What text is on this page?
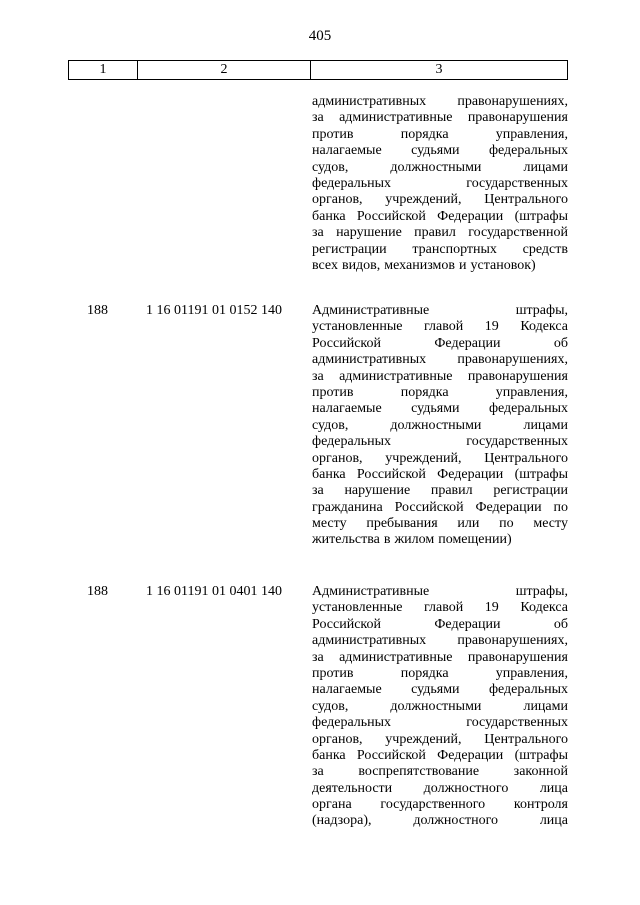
405
1	2	3
административных правонарушениях,
за административные правонарушения
против	порядка	управления,
налагаемые судьями федеральных
судов,	должностными	лицами
федеральных	государственных
органов, учреждений, Центрального
банка Российской Федерации (штрафы
за нарушение правил государственной
регистрации транспортных средств
всех видов, механизмов и установок)
188	1 16 01191 01 0152 140 Административные	штрафы,
установленные главой 19 Кодекса
Российской	Федерации	об
административных правонарушениях,
за административные правонарушения
против	порядка	управления,
налагаемые судьями федеральных
судов,	должностными	лицами
федеральных	государственных
органов, учреждений, Центрального
банка Российской Федерации (штрафы
за нарушение правил регистрации
гражданина Российской Федерации по
месту пребывания или по месту
жительства в жилом помещении)
188	1 16 01191 01 0401 140 Административные	штрафы,
установленные главой 19 Кодекса
Российской	Федерации	об
административных правонарушениях,
за административные правонарушения
против	порядка	управления,
налагаемые судьями федеральных
судов,	должностными	лицами
федеральных	государственных
органов, учреждений, Центрального
банка Российской Федерации (штрафы
за воспрепятствование законной
деятельности должностного лица
органа государственного контроля
(надзора),	должностного	лица
